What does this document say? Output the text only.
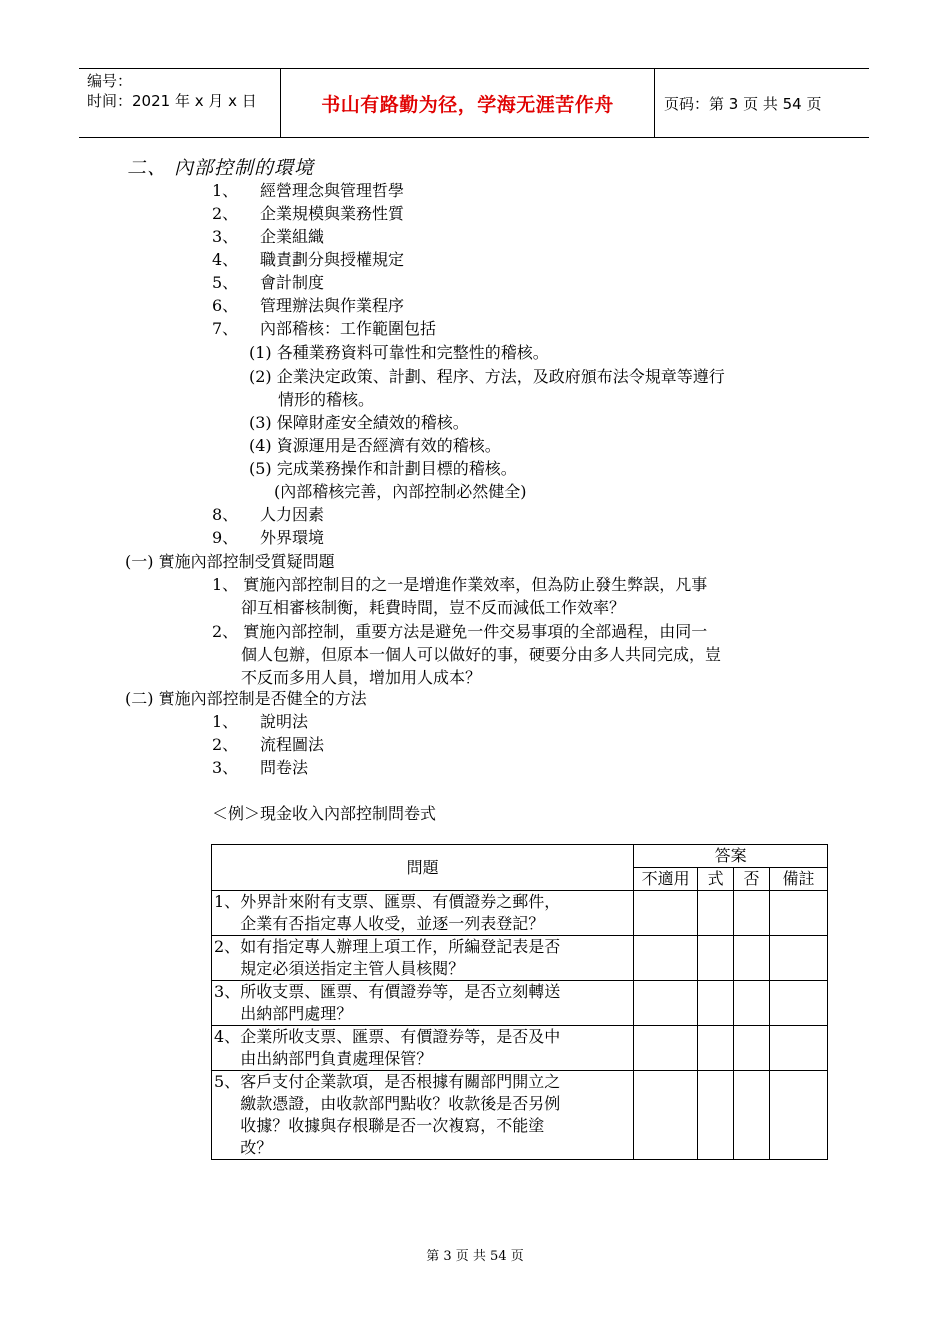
编号：
时间：2021 年 x 月 x 日	书山有路勤为径，学海无涯苦作舟	页码：第 3 页 共 54 页
二、 內部控制的環境
1、 經營理念與管理哲學
2、 企業規模與業務性質
3、 企業組織
4、 職責劃分與授權規定
5、 會計制度
6、 管理辦法與作業程序
7、 內部稽核：工作範圍包括
(1) 各種業務資料可靠性和完整性的稽核。
(2) 企業決定政策、計劃、程序、方法，及政府頒布法令規章等遵行
情形的稽核。
(3) 保障財產安全績效的稽核。
(4) 資源運用是否經濟有效的稽核。
(5) 完成業務操作和計劃目標的稽核。
(內部稽核完善，內部控制必然健全)
8、 人力因素
9、 外界環境
(一) 實施內部控制受質疑問題
1、 實施內部控制目的之一是增進作業效率，但為防止發生弊誤，凡事
卻互相審核制衡，耗費時間，豈不反而減低工作效率？
2、 實施內部控制，重要方法是避免一件交易事項的全部過程，由同一
個人包辦，但原本一個人可以做好的事，硬要分由多人共同完成，豈
不反而多用人員，增加用人成本？
(二) 實施內部控制是否健全的方法
1、 說明法
2、 流程圖法
3、 問卷法
＜例＞現金收入內部控制問卷式
問題	答案			
	不適用	式	否	備註

1、 外界計來附有支票、匯票、有價證券之郵件，
企業有否指定專人收受，並逐一列表登記？				

2、 如有指定專人辦理上項工作，所編登記表是否
規定必須送指定主管人員核閱？				

3、 所收支票、匯票、有價證券等，是否立刻轉送
出納部門處理？				

4、 企業所收支票、匯票、有價證券等，是否及中
由出納部門負責處理保管？				

5、 客戶支付企業款項，是否根據有關部門開立之
繳款憑證，由收款部門點收？收款後是否另例
收據？收據與存根聯是否一次複寫，不能塗
改？				

第 3 页 共 54 页
